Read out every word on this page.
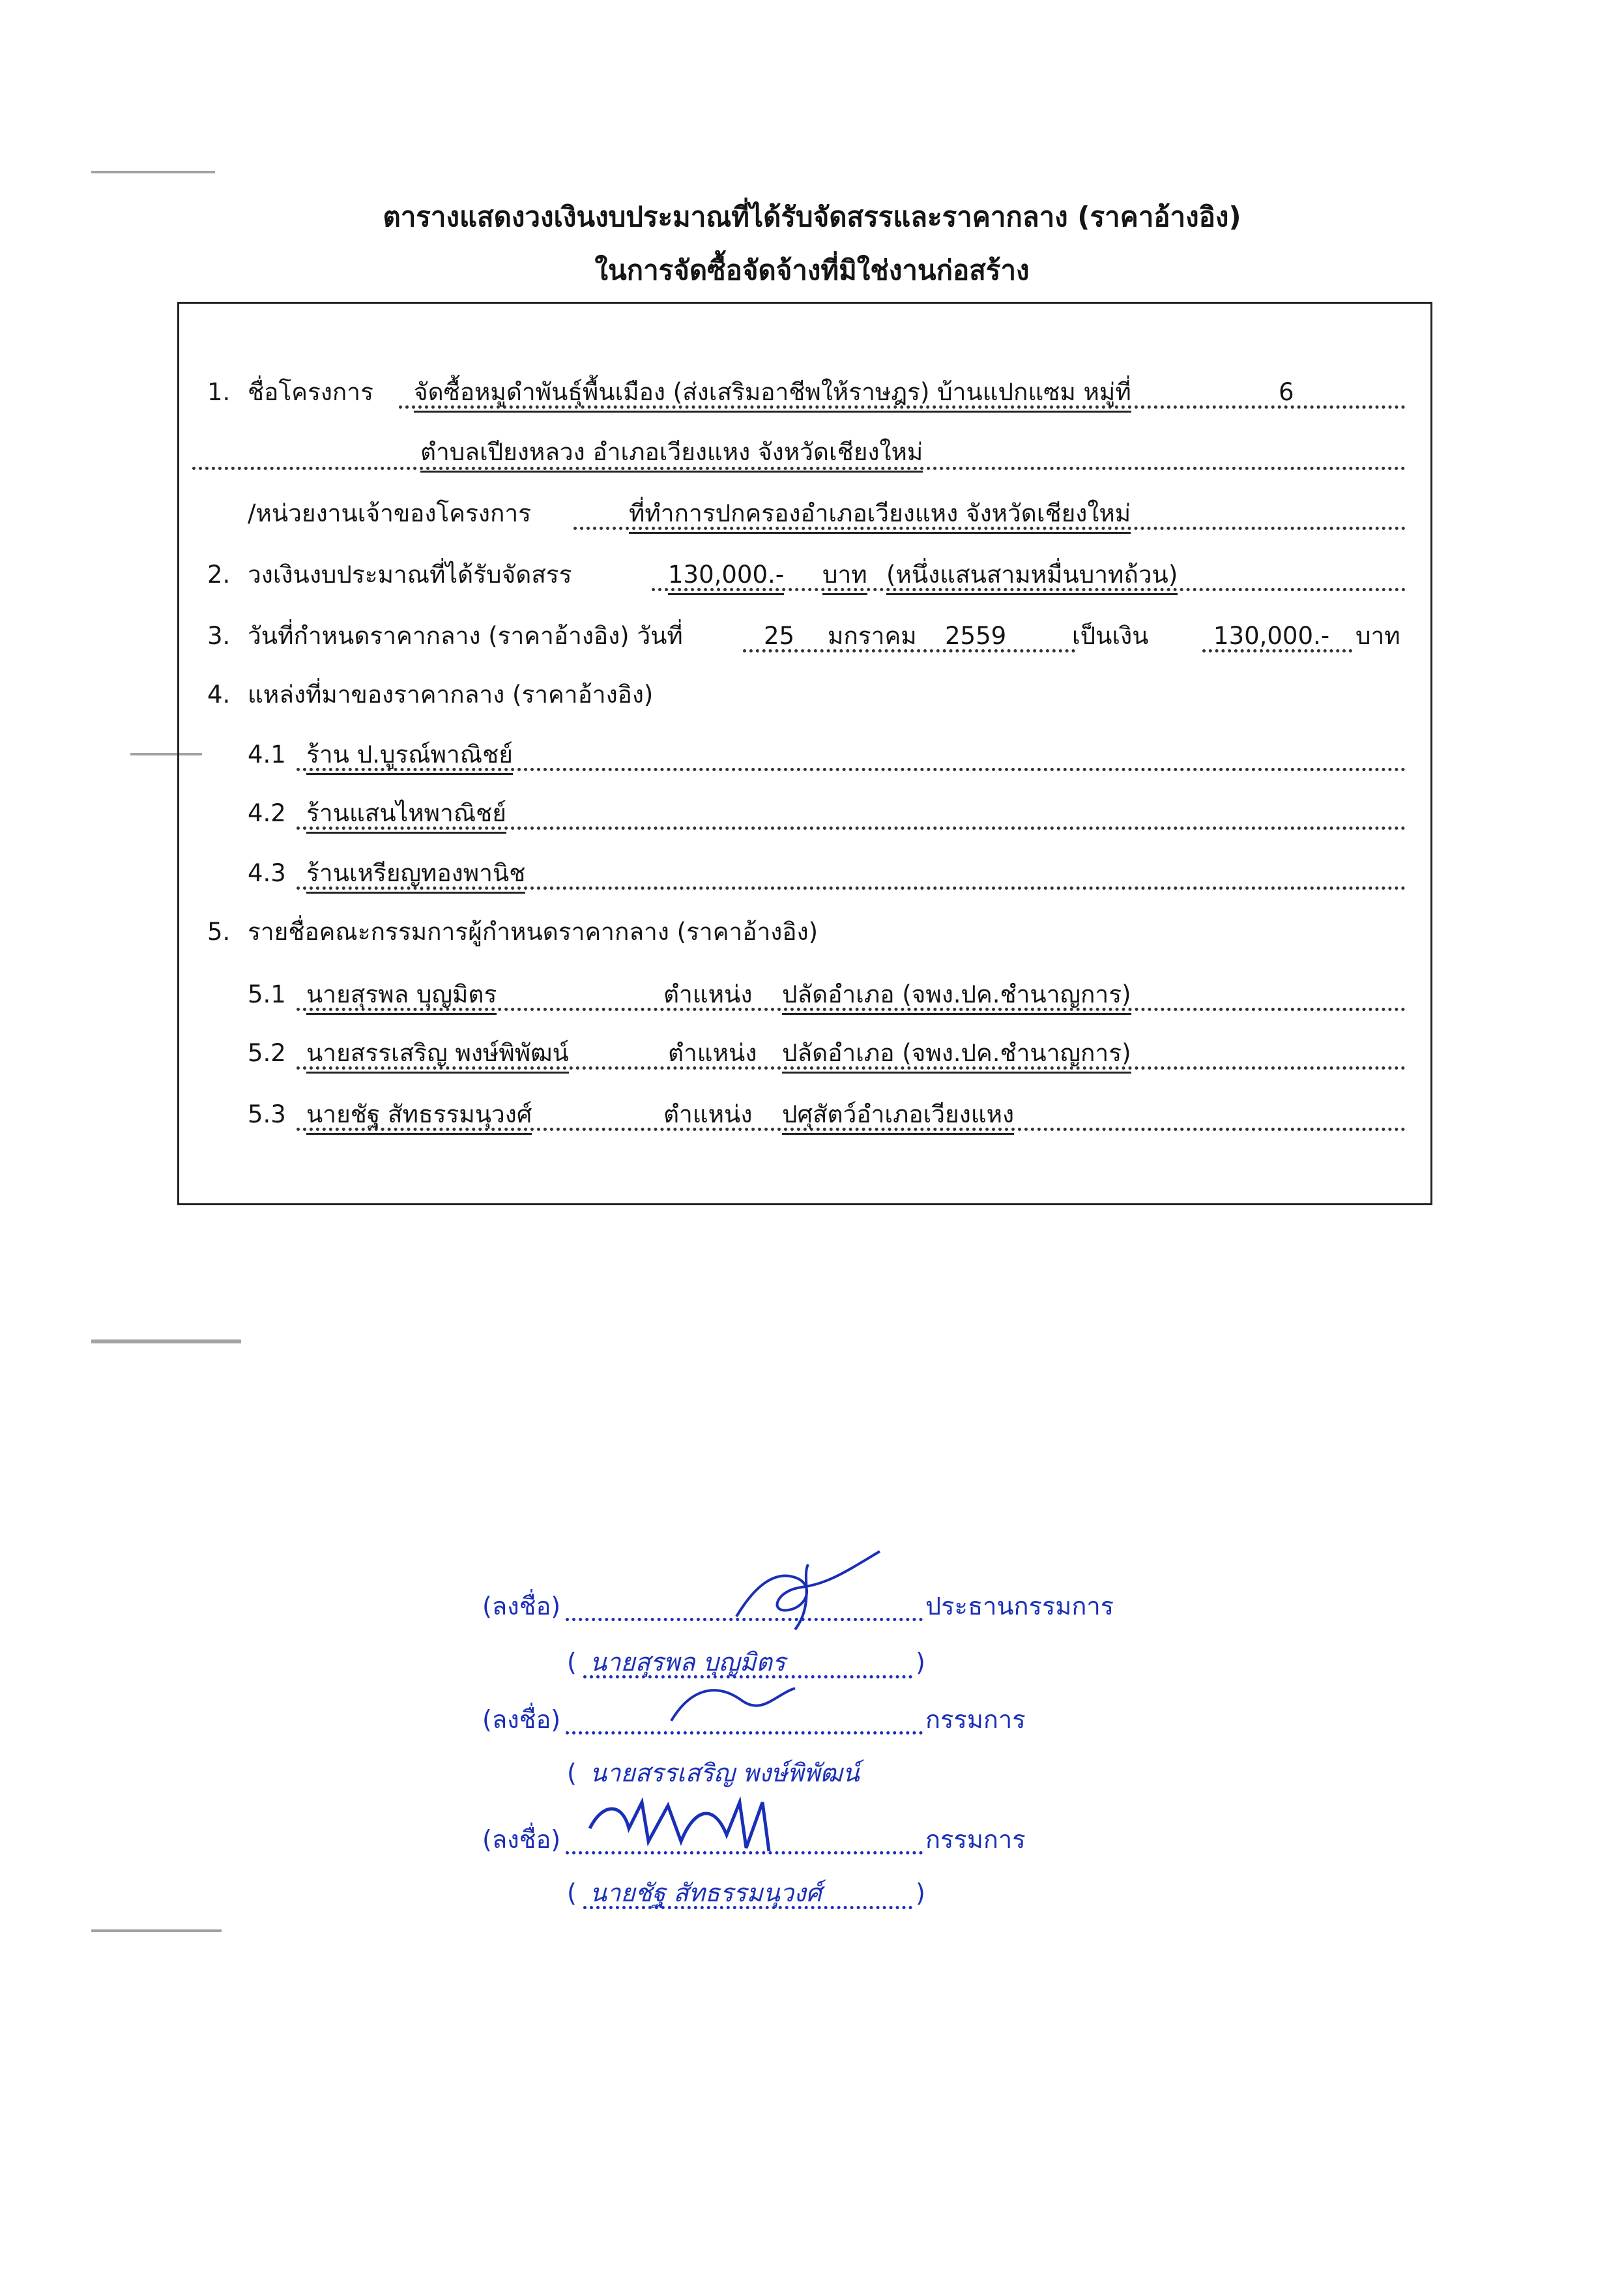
ตารางแสดงวงเงินงบประมาณที่ได้รับจัดสรรและราคากลาง (ราคาอ้างอิง)
ในการจัดซื้อจัดจ้างที่มิใช่งานก่อสร้าง
1. ชื่อโครงการ จัดซื้อหมูดำพันธุ์พื้นเมือง (ส่งเสริมอาชีพให้ราษฎร) บ้านแปกแซม หมู่ที่	6
ตำบลเปียงหลวง อำเภอเวียงแหง จังหวัดเชียงใหม่
/หน่วยงานเจ้าของโครงการ	ที่ทำการปกครองอำเภอเวียงแหง จังหวัดเชียงใหม่
2. วงเงินงบประมาณที่ได้รับจัดสรร	130,000.- บาท (หนึ่งแสนสามหมื่นบาทถ้วน)
3. วันที่กำหนดราคากลาง (ราคาอ้างอิง) วันที่	25 มกราคม 2559	เป็นเงิน	130,000.- บาท
4. แหล่งที่มาของราคากลาง (ราคาอ้างอิง)
4.1 ร้าน ป.บูรณ์พาณิชย์
4.2 ร้านแสนไหพาณิชย์
4.3 ร้านเหรียญทองพานิช
5. รายชื่อคณะกรรมการผู้กำหนดราคากลาง (ราคาอ้างอิง)
5.1 นายสุรพล บุญมิตร	ตำแหน่ง ปลัดอำเภอ (จพง.ปค.ชำนาญการ)
5.2 นายสรรเสริญ พงษ์พิพัฒน์	ตำแหน่ง ปลัดอำเภอ (จพง.ปค.ชำนาญการ)
5.3 นายชัฐ สัทธรรมนุวงศ์	ตำแหน่ง ปศุสัตว์อำเภอเวียงแหง
(ลงชื่อ)	ประธานกรรมการ
( นายสุรพล บุญมิตร	)
(ลงชื่อ)	กรรมการ
( นายสรรเสริญ พงษ์พิพัฒน์
(ลงชื่อ)	กรรมการ
( นายชัฐ สัทธรรมนุวงศ์	)
